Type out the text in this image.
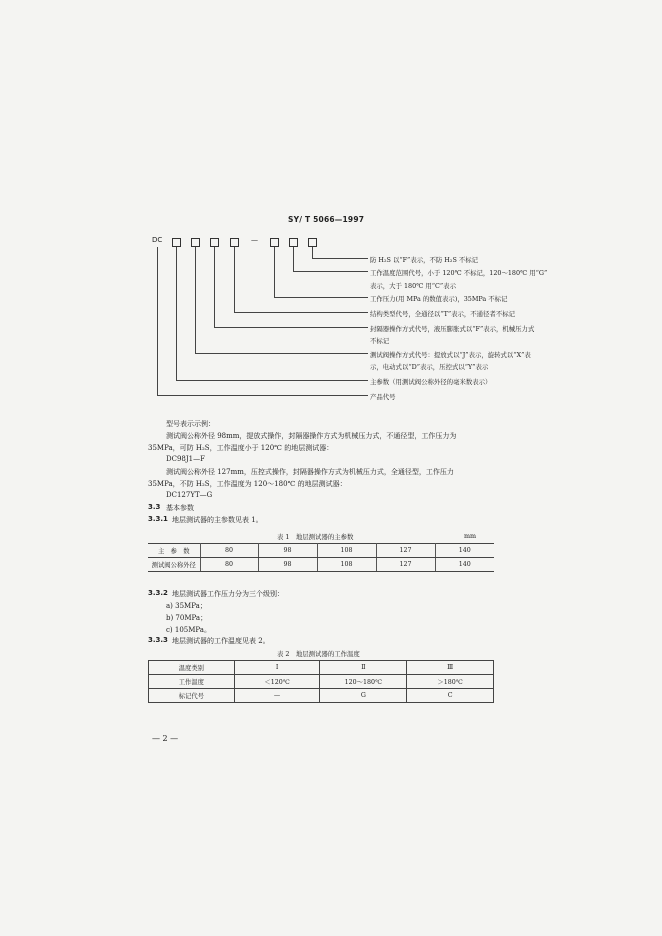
SY/ T 5066—1997
DC	—
防 H₂S 以“F”表示，不防 H₂S 不标记
工作温度范围代号，小于 120℃ 不标记，120～180℃ 用“G”
表示，大于 180℃ 用“C”表示
工作压力(用 MPa 的数值表示)，35MPa 不标记
结构类型代号，全通径以“T”表示，不通径者不标记
封隔器操作方式代号，液压膨胀式以“F”表示，机械压力式
不标记
测试阀操作方式代号：提放式以“J”表示，旋转式以“X”表
示，电动式以“D”表示，压控式以“Y”表示
主参数（用测试阀公称外径的毫米数表示）
产品代号
型号表示示例：
测试阀公称外径 98mm，提放式操作，封隔器操作方式为机械压力式，不通径型，工作压力为
35MPa，可防 H₂S，工作温度小于 120℃ 的地层测试器：
DC98J1—F
测试阀公称外径 127mm，压控式操作，封隔器操作方式为机械压力式，全通径型，工作压力
35MPa，不防 H₂S，工作温度为 120～180℃ 的地层测试器：
DC127YT—G
3.3 基本参数
3.3.1 地层测试器的主参数见表 1。
表 1　地层测试器的主参数	mm
主　参　数	80	98	108	127	140
测试阀公称外径	80	98	108	127	140
3.3.2 地层测试器工作压力分为三个级别：
a) 35MPa；
b) 70MPa；
c) 105MPa。
3.3.3 地层测试器的工作温度见表 2。
表 2　地层测试器的工作温度
温度类别	Ⅰ	Ⅱ	Ⅲ
工作温度	＜120℃	120～180℃	＞180℃
标记代号	—	G	C
— 2 —
